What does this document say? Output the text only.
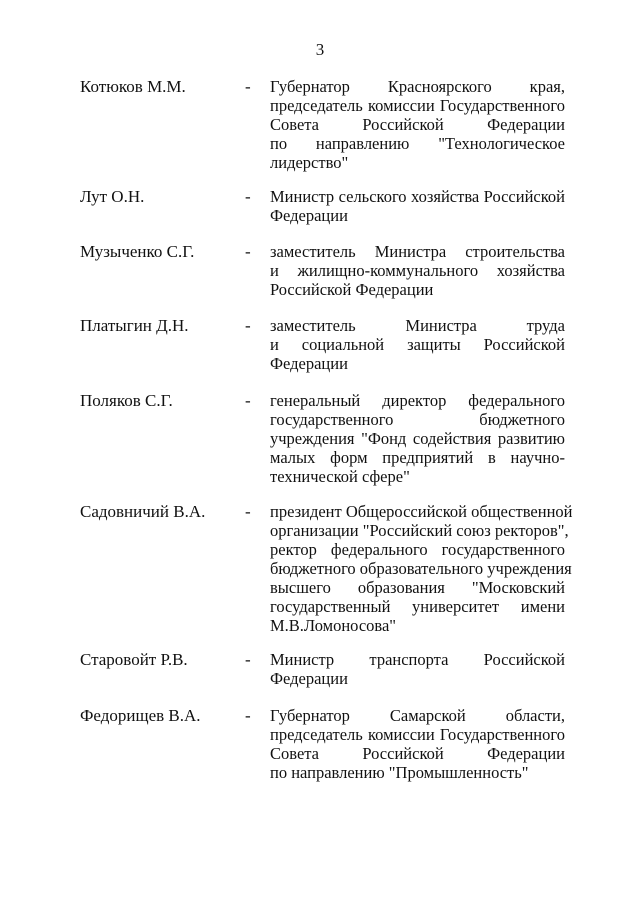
3
Котюков М.М.	- Губернатор Красноярского края,
председатель комиссии Государственного
Совета Российской Федерации
по направлению "Технологическое
лидерство"
Лут О.Н.	- Министр сельского хозяйства Российской
Федерации
Музыченко С.Г.	- заместитель Министра строительства
и жилищно-коммунального хозяйства
Российской Федерации
Платыгин Д.Н.	- заместитель Министра труда
и социальной защиты Российской
Федерации
Поляков С.Г.	- генеральный директор федерального
государственного бюджетного
учреждения "Фонд содействия развитию
малых форм предприятий в научно-
технической сфере"
Садовничий В.А. - президент Общероссийской общественной
организации "Российский союз ректоров",
ректор федерального государственного
бюджетного образовательного учреждения
высшего образования "Московский
государственный университет имени
М.В.Ломоносова"
Старовойт Р.В.	- Министр транспорта Российской
Федерации
Федорищев В.А.	- Губернатор Самарской области,
председатель комиссии Государственного
Совета Российской Федерации
по направлению "Промышленность"
